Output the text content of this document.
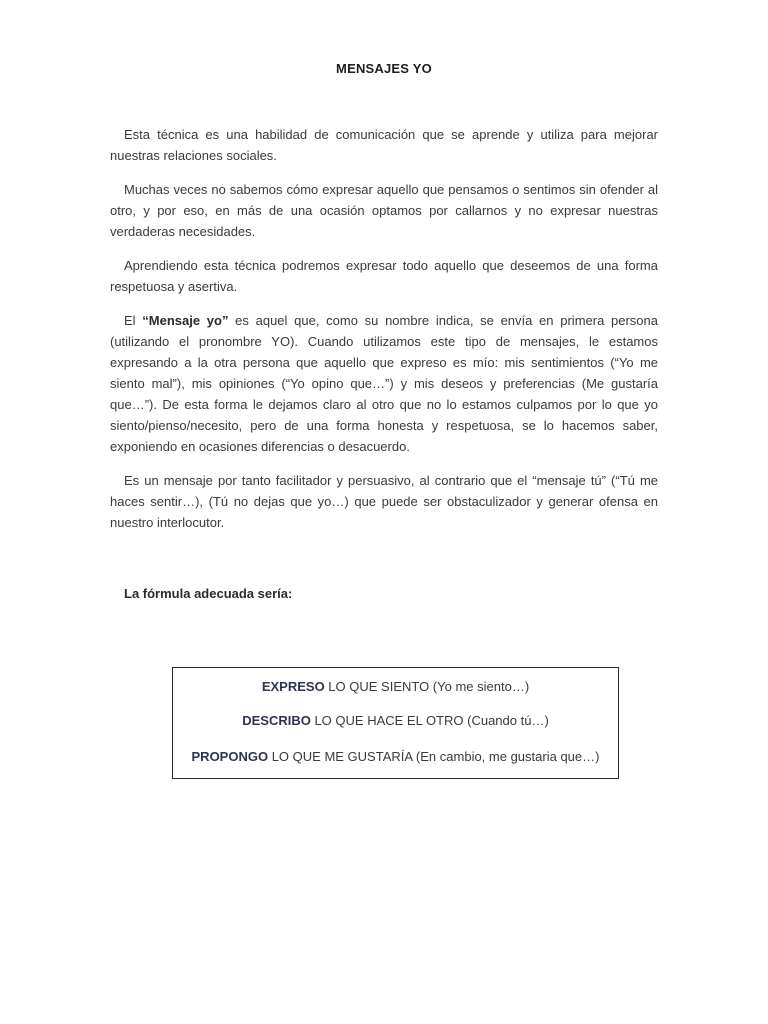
MENSAJES YO

Esta técnica es una habilidad de comunicación que se aprende y utiliza para mejorar nuestras relaciones sociales.

Muchas veces no sabemos cómo expresar aquello que pensamos o sentimos sin ofender al otro, y por eso, en más de una ocasión optamos por callarnos y no expresar nuestras verdaderas necesidades.

Aprendiendo esta técnica podremos expresar todo aquello que deseemos de una forma respetuosa y asertiva.

El “Mensaje yo” es aquel que, como su nombre indica, se envía en primera persona (utilizando el pronombre YO). Cuando utilizamos este tipo de mensajes, le estamos expresando a la otra persona que aquello que expreso es mío: mis sentimientos (“Yo me siento mal”), mis opiniones (“Yo opino que…”) y mis deseos y preferencias (Me gustaría que…”). De esta forma le dejamos claro al otro que no lo estamos culpamos por lo que yo siento/pienso/necesito, pero de una forma honesta y respetuosa, se lo hacemos saber, exponiendo en ocasiones diferencias o desacuerdo.

Es un mensaje por tanto facilitador y persuasivo, al contrario que el “mensaje tú” (“Tú me haces sentir…), (Tú no dejas que yo…) que puede ser obstaculizador y generar ofensa en nuestro interlocutor.

La fórmula adecuada sería:
EXPRESO LO QUE SIENTO (Yo me siento…)
DESCRIBO LO QUE HACE EL OTRO (Cuando tú…)
PROPONGO LO QUE ME GUSTARÍA (En cambio, me gustaria que…)
